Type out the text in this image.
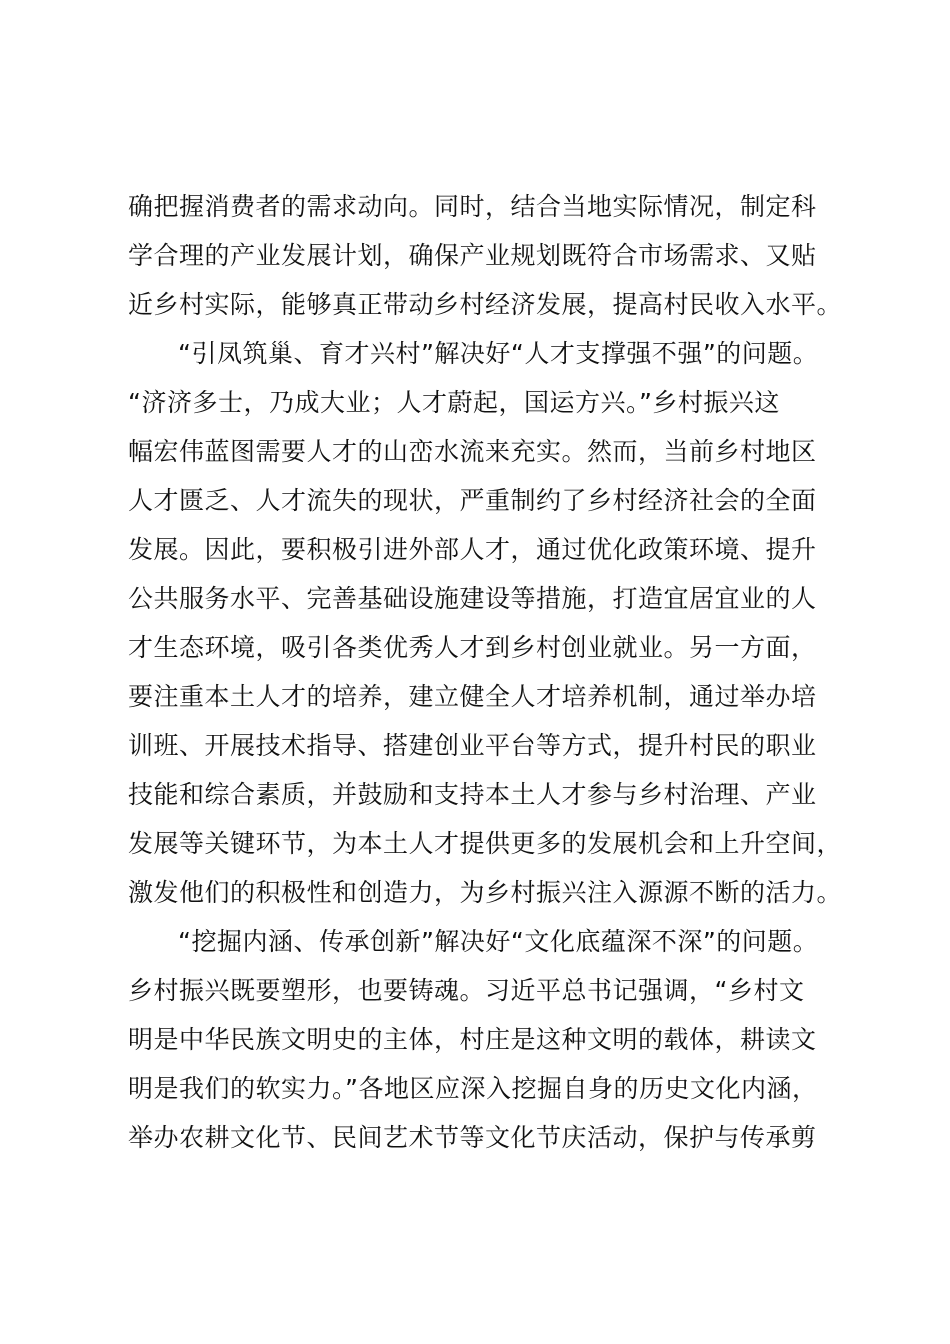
确把握消费者的需求动向。同时，结合当地实际情况，制定科
学合理的产业发展计划，确保产业规划既符合市场需求、又贴
近乡村实际，能够真正带动乡村经济发展，提高村民收入水平。
“引凤筑巢、育才兴村”解决好“人才支撑强不强”的问题。
“济济多士，乃成大业；人才蔚起，国运方兴。”乡村振兴这
幅宏伟蓝图需要人才的山峦水流来充实。然而，当前乡村地区
人才匮乏、人才流失的现状，严重制约了乡村经济社会的全面
发展。因此，要积极引进外部人才，通过优化政策环境、提升
公共服务水平、完善基础设施建设等措施，打造宜居宜业的人
才生态环境，吸引各类优秀人才到乡村创业就业。另一方面，
要注重本土人才的培养，建立健全人才培养机制，通过举办培
训班、开展技术指导、搭建创业平台等方式，提升村民的职业
技能和综合素质，并鼓励和支持本土人才参与乡村治理、产业
发展等关键环节，为本土人才提供更多的发展机会和上升空间，
激发他们的积极性和创造力，为乡村振兴注入源源不断的活力。
“挖掘内涵、传承创新”解决好“文化底蕴深不深”的问题。
乡村振兴既要塑形，也要铸魂。习近平总书记强调，“乡村文
明是中华民族文明史的主体，村庄是这种文明的载体，耕读文
明是我们的软实力。”各地区应深入挖掘自身的历史文化内涵，
举办农耕文化节、民间艺术节等文化节庆活动，保护与传承剪
